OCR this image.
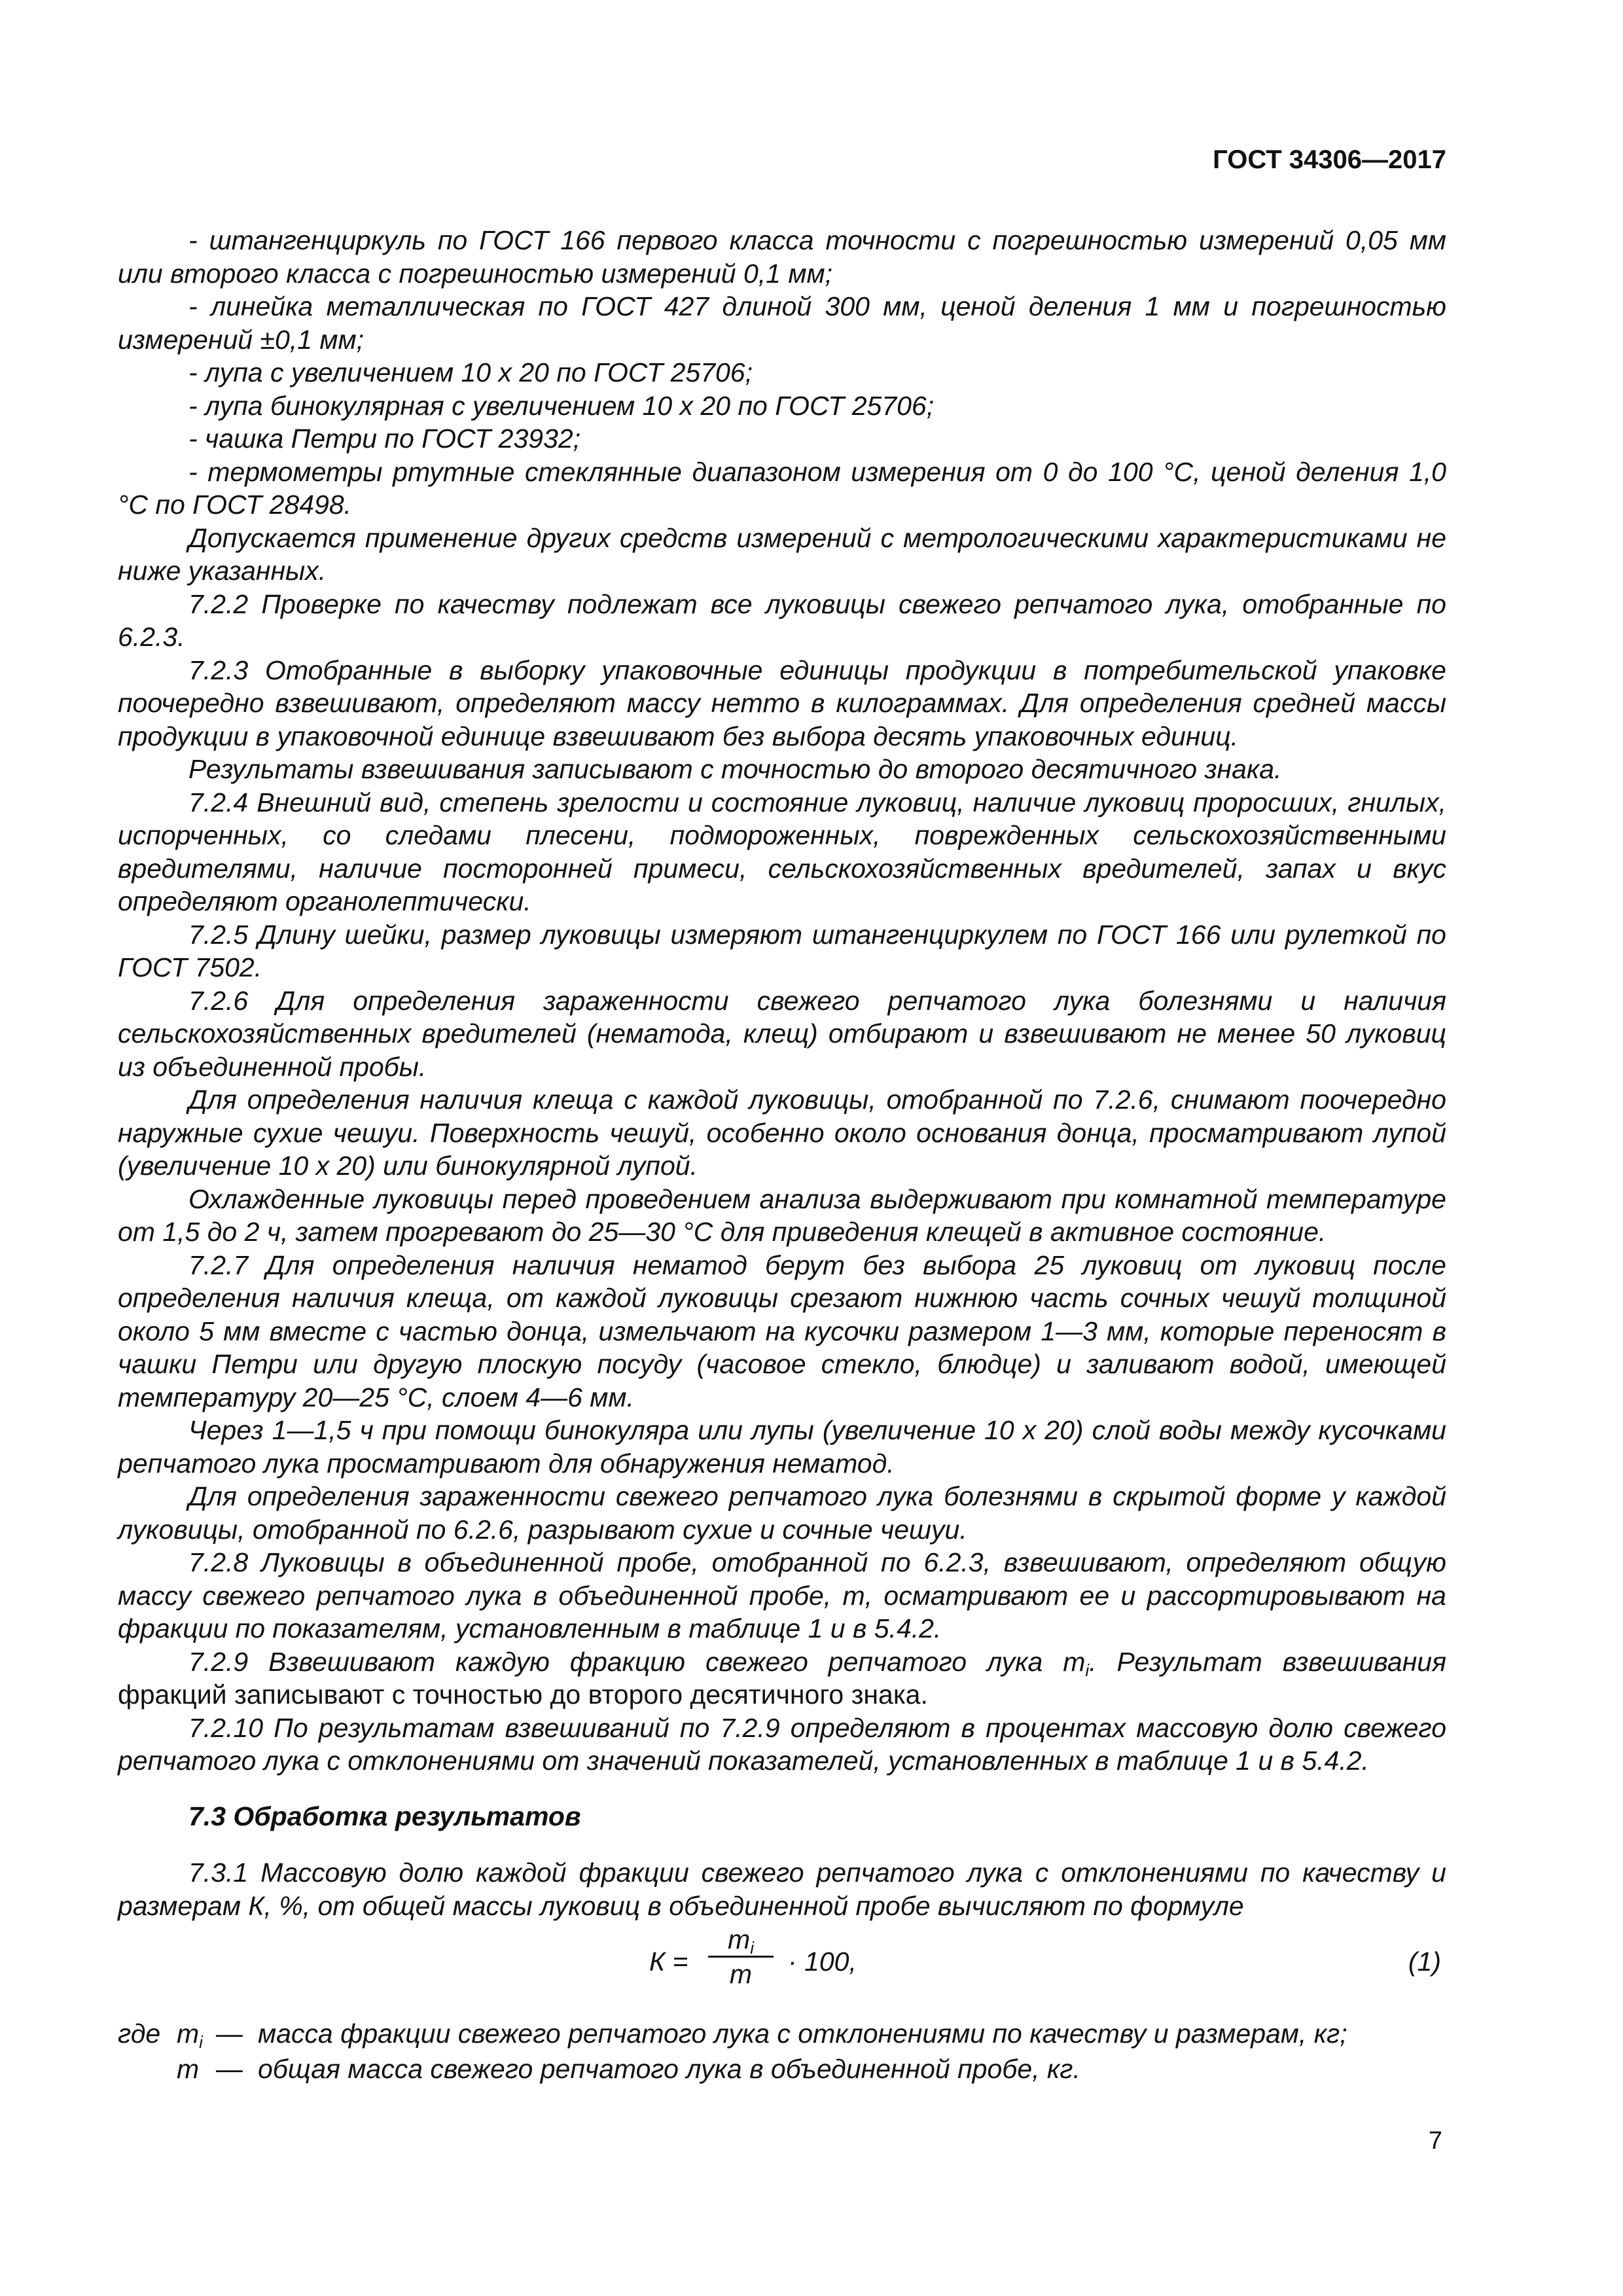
ГОСТ 34306—2017

- штангенциркуль по ГОСТ 166 первого класса точности с погрешностью измерений 0,05 мм или второго класса с погрешностью измерений 0,1 мм;

- линейка металлическая по ГОСТ 427 длиной 300 мм, ценой деления 1 мм и погрешностью измерений ±0,1 мм;

- лупа с увеличением 10 х 20 по ГОСТ 25706;

- лупа бинокулярная с увеличением 10 х 20 по ГОСТ 25706;

- чашка Петри по ГОСТ 23932;

- термометры ртутные стеклянные диапазоном измерения от 0 до 100 °С, ценой деления 1,0 °С по ГОСТ 28498.

Допускается применение других средств измерений с метрологическими характеристиками не ниже указанных.

7.2.2 Проверке по качеству подлежат все луковицы свежего репчатого лука, отобранные по 6.2.3.

7.2.3 Отобранные в выборку упаковочные единицы продукции в потребительской упаковке поочередно взвешивают, определяют массу нетто в килограммах. Для определения средней массы продукции в упаковочной единице взвешивают без выбора десять упаковочных единиц.

Результаты взвешивания записывают с точностью до второго десятичного знака.

7.2.4 Внешний вид, степень зрелости и состояние луковиц, наличие луковиц проросших, гнилых, испорченных, со следами плесени, подмороженных, поврежденных сельскохозяйственными вредителями, наличие посторонней примеси, сельскохозяйственных вредителей, запах и вкус определяют органолептически.

7.2.5 Длину шейки, размер луковицы измеряют штангенциркулем по ГОСТ 166 или рулеткой по ГОСТ 7502.

7.2.6 Для определения зараженности свежего репчатого лука болезнями и наличия сельскохозяйственных вредителей (нематода, клещ) отбирают и взвешивают не менее 50 луковиц из объединенной пробы.

Для определения наличия клеща с каждой луковицы, отобранной по 7.2.6, снимают поочередно наружные сухие чешуи. Поверхность чешуй, особенно около основания донца, просматривают лупой (увеличение 10 х 20) или бинокулярной лупой.

Охлажденные луковицы перед проведением анализа выдерживают при комнатной температуре от 1,5 до 2 ч, затем прогревают до 25—30 °С для приведения клещей в активное состояние.

7.2.7 Для определения наличия нематод берут без выбора 25 луковиц от луковиц после определения наличия клеща, от каждой луковицы срезают нижнюю часть сочных чешуй толщиной около 5 мм вместе с частью донца, измельчают на кусочки размером 1—3 мм, которые переносят в чашки Петри или другую плоскую посуду (часовое стекло, блюдце) и заливают водой, имеющей температуру 20—25 °С, слоем 4—6 мм.

Через 1—1,5 ч при помощи бинокуляра или лупы (увеличение 10 х 20) слой воды между кусочками репчатого лука просматривают для обнаружения нематод.

Для определения зараженности свежего репчатого лука болезнями в скрытой форме у каждой луковицы, отобранной по 6.2.6, разрывают сухие и сочные чешуи.

7.2.8 Луковицы в объединенной пробе, отобранной по 6.2.3, взвешивают, определяют общую массу свежего репчатого лука в объединенной пробе, m, осматривают ее и рассортировывают на фракции по показателям, установленным в таблице 1 и в 5.4.2.

7.2.9 Взвешивают каждую фракцию свежего репчатого лука $m_i$. Результат взвешивания фракций записывают с точностью до второго десятичного знака.

7.2.10 По результатам взвешиваний по 7.2.9 определяют в процентах массовую долю свежего репчатого лука с отклонениями от значений показателей, установленных в таблице 1 и в 5.4.2.

7.3 Обработка результатов

7.3.1 Массовую долю каждой фракции свежего репчатого лука с отклонениями по качеству и размерам К, %, от общей массы луковиц в объединенной пробе вычисляют по формуле

К =
$m_i$
m	· 100,	(1)
где $m_i$ — масса фракции свежего репчатого лука с отклонениями по качеству и размерам, кг;
m — общая масса свежего репчатого лука в объединенной пробе, кг.
7
